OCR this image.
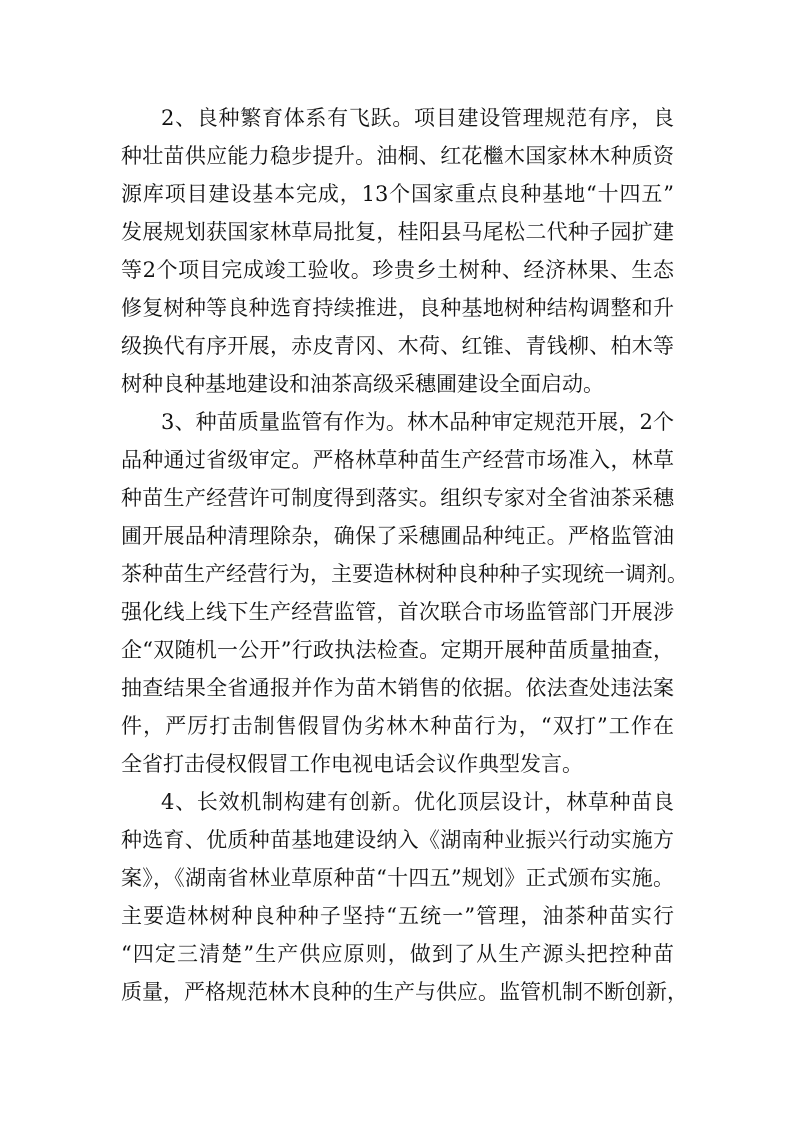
2、良种繁育体系有飞跃。项目建设管理规范有序，良
种壮苗供应能力稳步提升。油桐、红花檵木国家林木种质资
源库项目建设基本完成，13个国家重点良种基地“十四五”
发展规划获国家林草局批复，桂阳县马尾松二代种子园扩建
等2个项目完成竣工验收。珍贵乡土树种、经济林果、生态
修复树种等良种选育持续推进，良种基地树种结构调整和升
级换代有序开展，赤皮青冈、木荷、红锥、青钱柳、柏木等
树种良种基地建设和油茶高级采穗圃建设全面启动。
3、种苗质量监管有作为。林木品种审定规范开展，2个
品种通过省级审定。严格林草种苗生产经营市场准入，林草
种苗生产经营许可制度得到落实。组织专家对全省油茶采穗
圃开展品种清理除杂，确保了采穗圃品种纯正。严格监管油
茶种苗生产经营行为，主要造林树种良种种子实现统一调剂。
强化线上线下生产经营监管，首次联合市场监管部门开展涉
企“双随机一公开”行政执法检查。定期开展种苗质量抽查，
抽查结果全省通报并作为苗木销售的依据。依法查处违法案
件，严厉打击制售假冒伪劣林木种苗行为，“双打”工作在
全省打击侵权假冒工作电视电话会议作典型发言。
4、长效机制构建有创新。优化顶层设计，林草种苗良
种选育、优质种苗基地建设纳入《湖南种业振兴行动实施方
案》，《湖南省林业草原种苗“十四五”规划》正式颁布实施。
主要造林树种良种种子坚持“五统一”管理，油茶种苗实行
“四定三清楚”生产供应原则，做到了从生产源头把控种苗
质量，严格规范林木良种的生产与供应。监管机制不断创新，
